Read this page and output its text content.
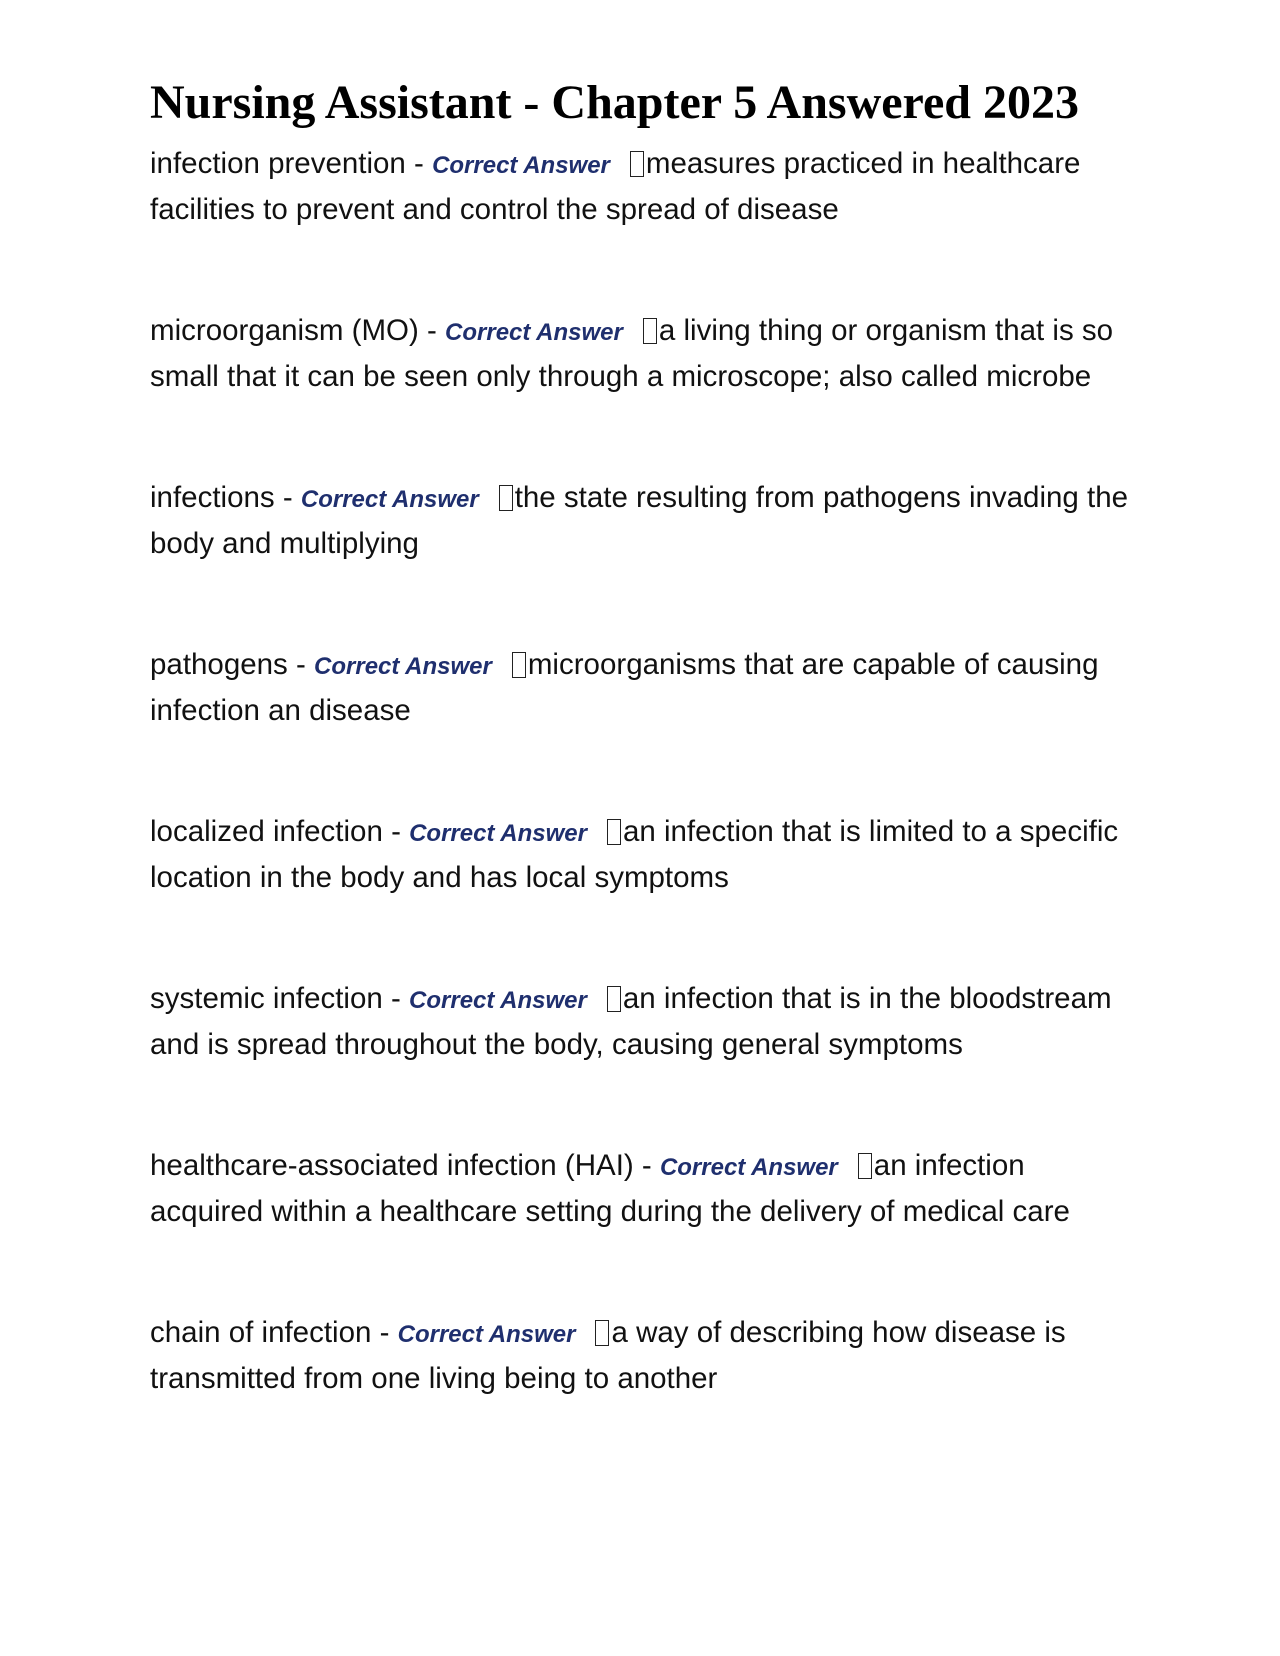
Nursing Assistant - Chapter 5 Answered 2023
infection prevention - Correct Answer measures practiced in healthcare facilities to prevent and control the spread of disease
microorganism (MO) - Correct Answer a living thing or organism that is so small that it can be seen only through a microscope; also called microbe
infections - Correct Answer the state resulting from pathogens invading the body and multiplying
pathogens - Correct Answer microorganisms that are capable of causing infection an disease
localized infection - Correct Answer an infection that is limited to a specific location in the body and has local symptoms
systemic infection - Correct Answer an infection that is in the bloodstream and is spread throughout the body, causing general symptoms
healthcare-associated infection (HAI) - Correct Answer an infection acquired within a healthcare setting during the delivery of medical care
chain of infection - Correct Answer a way of describing how disease is transmitted from one living being to another
